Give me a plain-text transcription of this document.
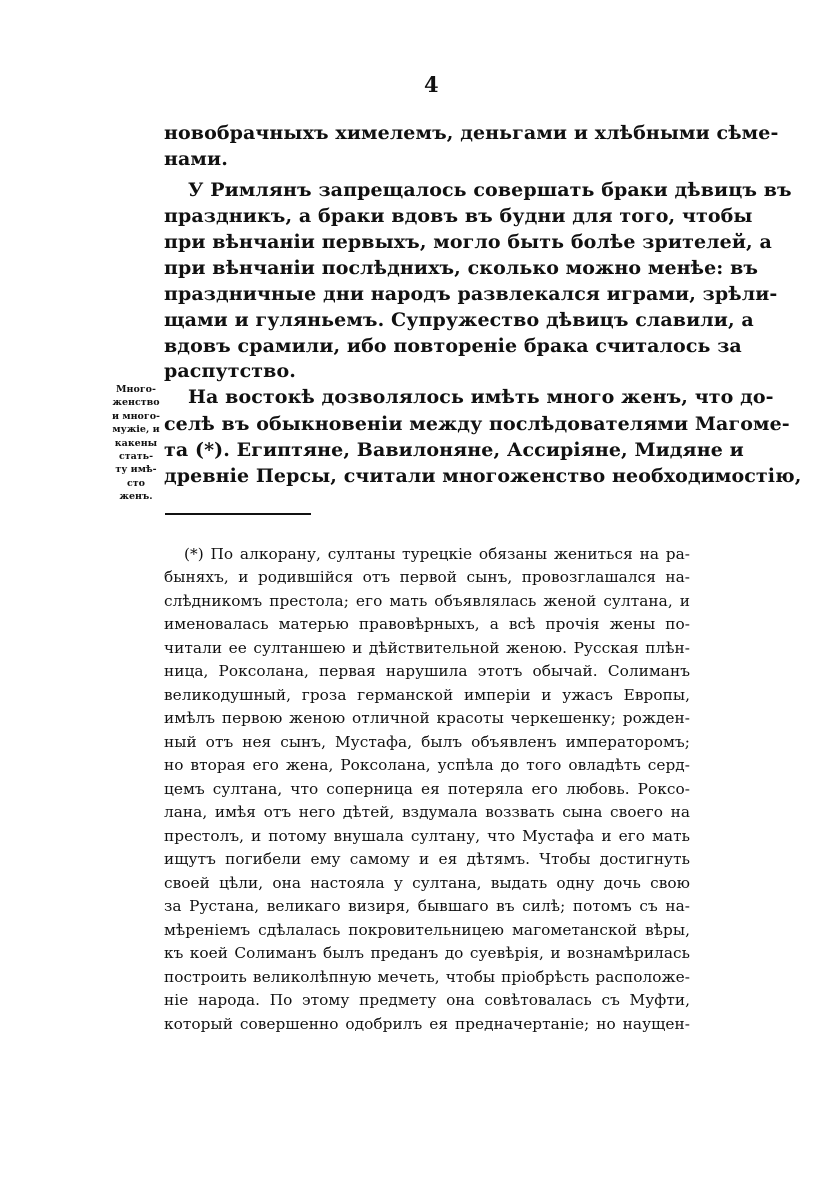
4
новобрачныхъ химелемъ, деньгами и хлѣбными сѣме-
нами.
У Римлянъ запрещалось совершать браки дѣвицъ въ
праздникъ, а браки вдовъ въ будни для того, чтобы
при вѣнчаніи первыхъ, могло быть болѣе зрителей, а
при вѣнчаніи послѣднихъ, сколько можно менѣе: въ
праздничные дни народъ развлекался играми, зрѣли-
щами и гуляньемъ. Супружество дѣвицъ славили, а
вдовъ срамили, ибо повтореніе брака считалось за
распутство.
На востокѣ дозволялось имѣть много женъ, что до-
селѣ въ обыкновеніи между послѣдователями Магоме-
та (*). Египтяне, Вавилоняне, Ассиріяне, Мидяне и
древніе Персы, считали многоженство необходимостію,
Много-
женство
и много-
мужіе, и
какены
стать-
ту имѣ-
сто
женъ.
(*) По алкорану, султаны турецкіе обязаны жениться на ра-
быняхъ, и родившійся отъ первой сынъ, провозглашался на-
слѣдникомъ престола; его мать объявлялась женой султана, и
именовалась матерью правовѣрныхъ, а всѣ прочія жены по-
читали ее султаншею и дѣйствительной женою. Русская плѣн-
ница, Роксолана, первая нарушила этотъ обычай. Солиманъ
великодушный, гроза германской имперіи и ужасъ Европы,
имѣлъ первою женою отличной красоты черкешенку; рожден-
ный отъ нея сынъ, Мустафа, былъ объявленъ императоромъ;
но вторая его жена, Роксолана, успѣла до того овладѣть серд-
цемъ султана, что соперница ея потеряла его любовь. Роксо-
лана, имѣя отъ него дѣтей, вздумала воззвать сына своего на
престолъ, и потому внушала султану, что Мустафа и его мать
ищутъ погибели ему самому и ея дѣтямъ. Чтобы достигнуть
своей цѣли, она настояла у султана, выдать одну дочь свою
за Рустана, великаго визиря, бывшаго въ силѣ; потомъ съ на-
мѣреніемъ сдѣлалась покровительницею магометанской вѣры,
къ коей Солиманъ былъ преданъ до суевѣрія, и вознамѣрилась
построить великолѣпную мечеть, чтобы пріобрѣсть расположе-
ніе народа. По этому предмету она совѣтовалась съ Муфти,
который совершенно одобрилъ ея предначертаніе; но наущен-
